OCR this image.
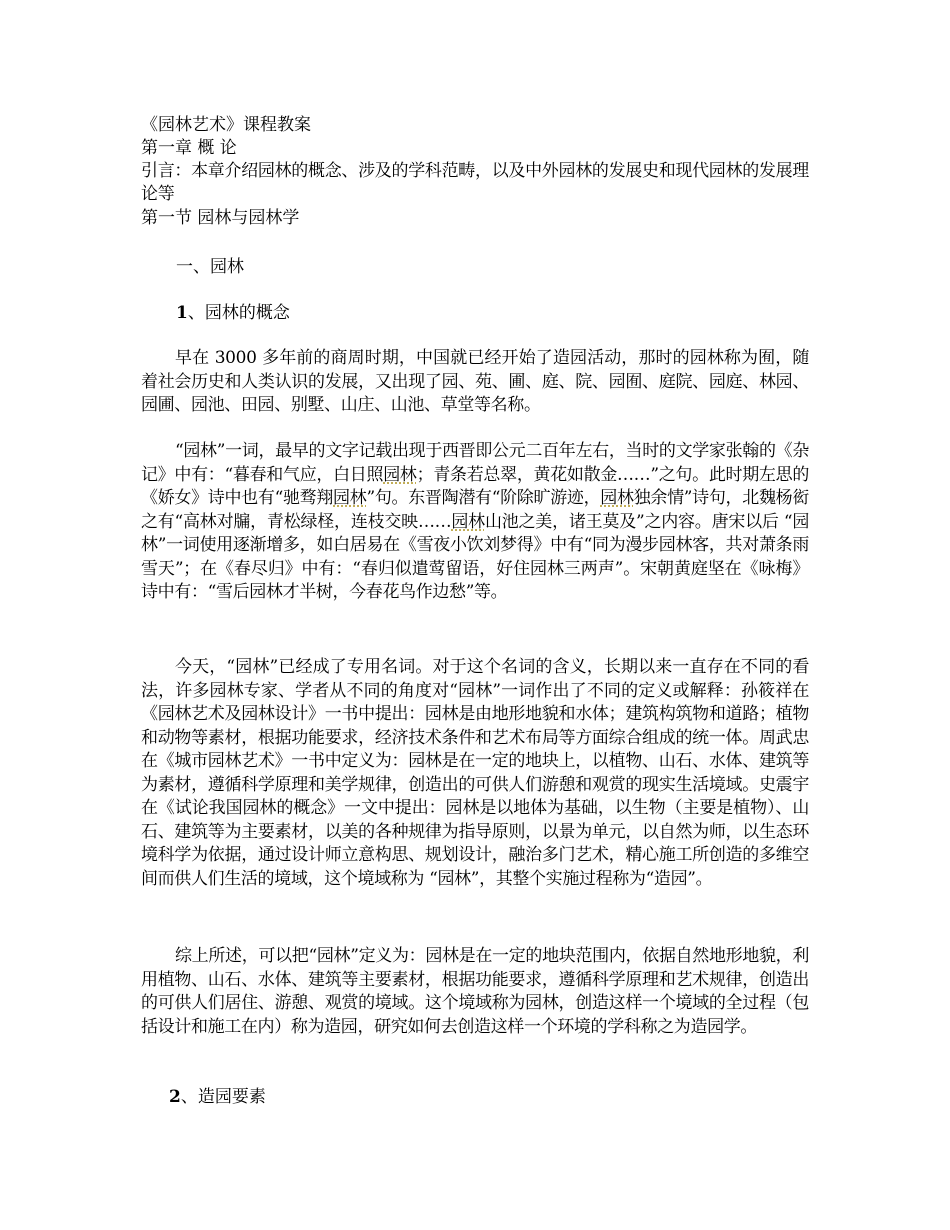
《园林艺术》课程教案
第一章 概 论
引言：本章介绍园林的概念、涉及的学科范畴，以及中外园林的发展史和现代园林的发展理论等
第一节 园林与园林学
一、园林
1、园林的概念

早在 3000 多年前的商周时期，中国就已经开始了造园活动，那时的园林称为囿，随着社会历史和人类认识的发展，又出现了园、苑、圃、庭、院、园囿、庭院、园庭、林园、园圃、园池、田园、别墅、山庄、山池、草堂等名称。

“园林”一词，最早的文字记载出现于西晋即公元二百年左右，当时的文学家张翰的《杂记》中有：“暮春和气应，白日照园林；青条若总翠，黄花如散金……”之句。此时期左思的《娇女》诗中也有“驰骛翔园林”句。东晋陶潜有“阶除旷游迹，园林独余情”诗句，北魏杨衒之有“高林对牖，青松绿柽，连枝交映……园林山池之美，诸王莫及”之内容。唐宋以后 “园林”一词使用逐渐增多，如白居易在《雪夜小饮刘梦得》中有“同为漫步园林客，共对萧条雨雪天”；在《春尽归》中有：“春归似遣莺留语，好住园林三两声”。宋朝黄庭坚在《咏梅》诗中有：“雪后园林才半树，今春花鸟作边愁”等。

今天，“园林”已经成了专用名词。对于这个名词的含义，长期以来一直存在不同的看法，许多园林专家、学者从不同的角度对“园林”一词作出了不同的定义或解释：孙筱祥在《园林艺术及园林设计》一书中提出：园林是由地形地貌和水体；建筑构筑物和道路；植物和动物等素材，根据功能要求，经济技术条件和艺术布局等方面综合组成的统一体。周武忠在《城市园林艺术》一书中定义为：园林是在一定的地块上，以植物、山石、水体、建筑等为素材，遵循科学原理和美学规律，创造出的可供人们游憩和观赏的现实生活境域。史震宇在《试论我国园林的概念》一文中提出：园林是以地体为基础，以生物（主要是植物）、山石、建筑等为主要素材，以美的各种规律为指导原则，以景为单元，以自然为师，以生态环境科学为依据，通过设计师立意构思、规划设计，融治多门艺术，精心施工所创造的多维空间而供人们生活的境域，这个境域称为 “园林”，其整个实施过程称为“造园”。

综上所述，可以把“园林”定义为：园林是在一定的地块范围内，依据自然地形地貌，利用植物、山石、水体、建筑等主要素材，根据功能要求，遵循科学原理和艺术规律，创造出的可供人们居住、游憩、观赏的境域。这个境域称为园林，创造这样一个境域的全过程（包括设计和施工在内）称为造园，研究如何去创造这样一个环境的学科称之为造园学。

2、造园要素
